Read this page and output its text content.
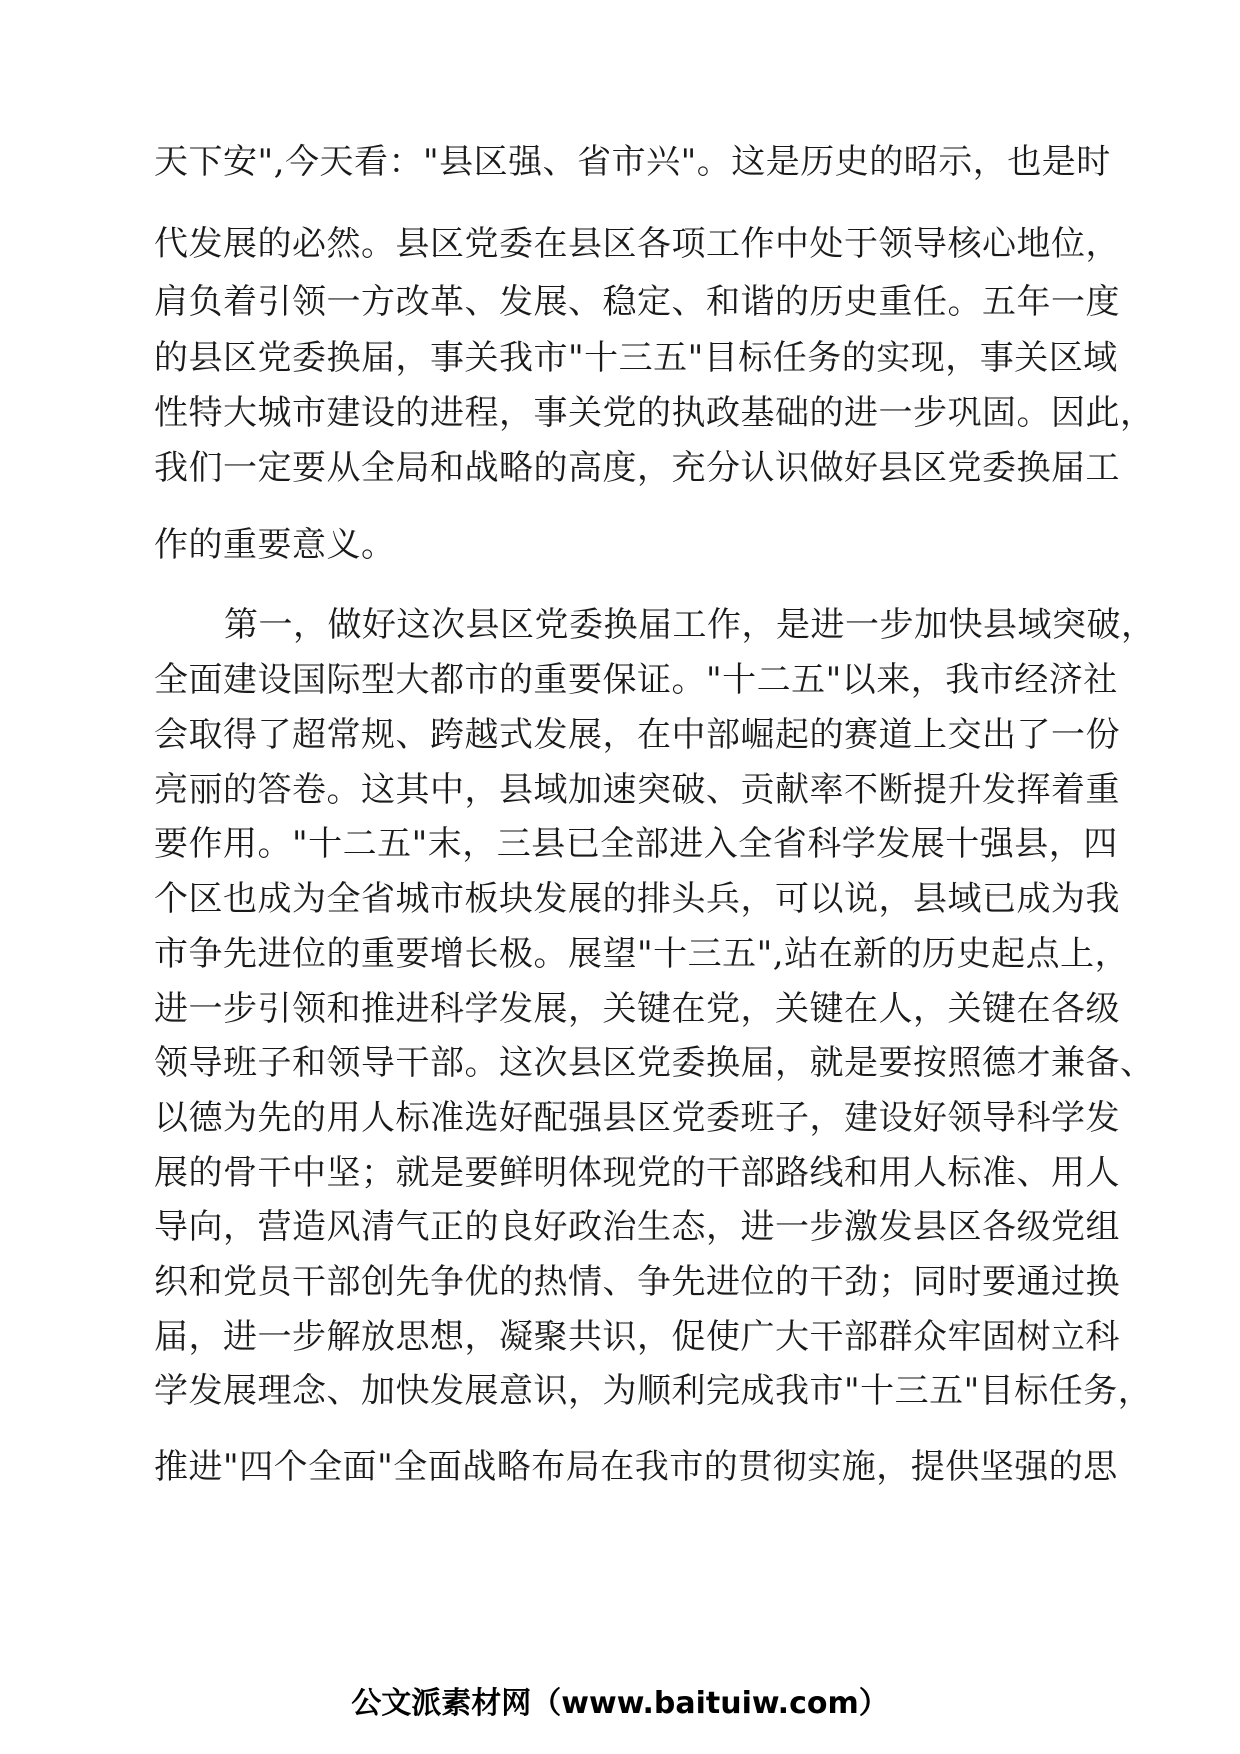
天下安",今天看："县区强、省市兴"。这是历史的昭示，也是时
代发展的必然。县区党委在县区各项工作中处于领导核心地位，
肩负着引领一方改革、发展、稳定、和谐的历史重任。五年一度
的县区党委换届，事关我市"十三五"目标任务的实现，事关区域
性特大城市建设的进程，事关党的执政基础的进一步巩固。因此，
我们一定要从全局和战略的高度，充分认识做好县区党委换届工
作的重要意义。
第一，做好这次县区党委换届工作，是进一步加快县域突破，
全面建设国际型大都市的重要保证。"十二五"以来，我市经济社
会取得了超常规、跨越式发展，在中部崛起的赛道上交出了一份
亮丽的答卷。这其中，县域加速突破、贡献率不断提升发挥着重
要作用。"十二五"末，三县已全部进入全省科学发展十强县，四
个区也成为全省城市板块发展的排头兵，可以说，县域已成为我
市争先进位的重要增长极。展望"十三五",站在新的历史起点上，
进一步引领和推进科学发展，关键在党，关键在人，关键在各级
领导班子和领导干部。这次县区党委换届，就是要按照德才兼备、
以德为先的用人标准选好配强县区党委班子，建设好领导科学发
展的骨干中坚；就是要鲜明体现党的干部路线和用人标准、用人
导向，营造风清气正的良好政治生态，进一步激发县区各级党组
织和党员干部创先争优的热情、争先进位的干劲；同时要通过换
届，进一步解放思想，凝聚共识，促使广大干部群众牢固树立科
学发展理念、加快发展意识，为顺利完成我市"十三五"目标任务，
推进"四个全面"全面战略布局在我市的贯彻实施，提供坚强的思
公文派素材网（www.baituiw.com）
